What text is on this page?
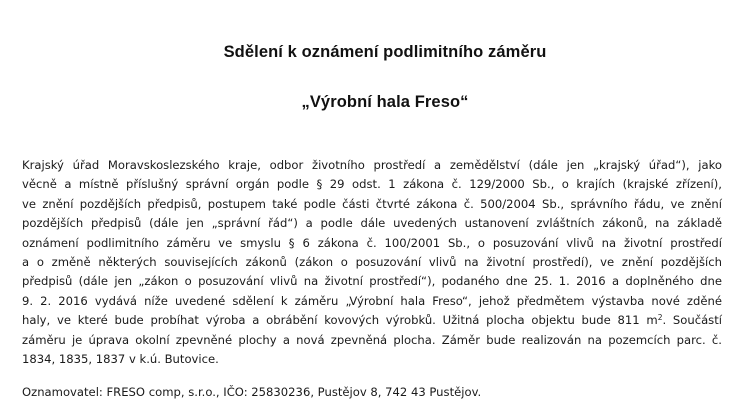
Sdělení k oznámení podlimitního záměru
„Výrobní hala Freso“
Krajský úřad Moravskoslezského kraje, odbor životního prostředí a zemědělství (dále jen „krajský úřad“), jako
věcně a místně příslušný správní orgán podle § 29 odst. 1 zákona č. 129/2000 Sb., o krajích (krajské zřízení),
ve znění pozdějších předpisů, postupem také podle části čtvrté zákona č. 500/2004 Sb., správního řádu, ve znění
pozdějších předpisů (dále jen „správní řád“) a podle dále uvedených ustanovení zvláštních zákonů, na základě
oznámení podlimitního záměru ve smyslu § 6 zákona č. 100/2001 Sb., o posuzování vlivů na životní prostředí
a o změně některých souvisejících zákonů (zákon o posuzování vlivů na životní prostředí), ve znění pozdějších
předpisů (dále jen „zákon o posuzování vlivů na životní prostředí“), podaného dne 25. 1. 2016 a doplněného dne
9. 2. 2016 vydává níže uvedené sdělení k záměru „Výrobní hala Freso“, jehož předmětem výstavba nové zděné
haly, ve které bude probíhat výroba a obrábění kovových výrobků. Užitná plocha objektu bude 811 $m^2$. Součástí
záměru je úprava okolní zpevněné plochy a nová zpevněná plocha. Záměr bude realizován na pozemcích parc. č.
1834, 1835, 1837 v k.ú. Butovice.
Oznamovatel: FRESO comp, s.r.o., IČO: 25830236, Pustějov 8, 742 43 Pustějov.
